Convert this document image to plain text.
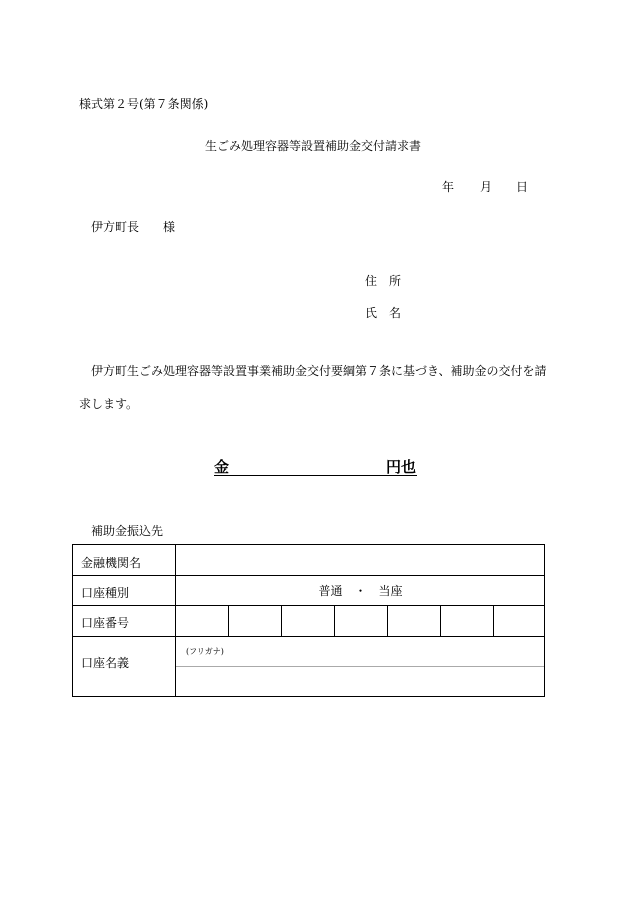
様式第２号(第７条関係)
生ごみ処理容器等設置補助金交付請求書
年 月 日
伊方町長　　様
住　所
氏　名
伊方町生ごみ処理容器等設置事業補助金交付要綱第７条に基づき、補助金の交付を請
求します。
金	円也
補助金振込先
金融機関名
口座種別	普通　・　当座
口座番号
口座名義
(フリガナ)
